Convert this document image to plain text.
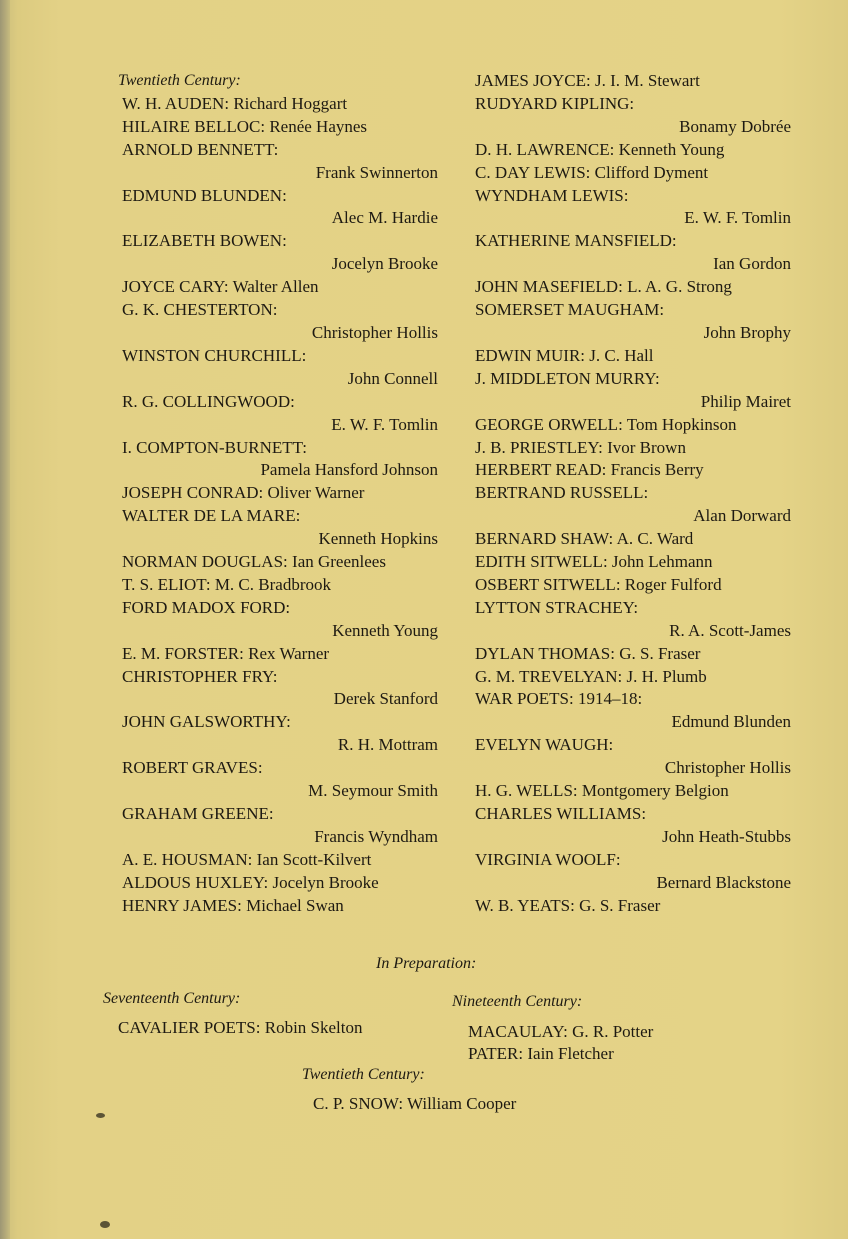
Twentieth Century:
W. H. AUDEN: Richard Hoggart
HILAIRE BELLOC: Renée Haynes
ARNOLD BENNETT:
Frank Swinnerton
EDMUND BLUNDEN:
Alec M. Hardie
ELIZABETH BOWEN:
Jocelyn Brooke
JOYCE CARY: Walter Allen
G. K. CHESTERTON:
Christopher Hollis
WINSTON CHURCHILL:
John Connell
R. G. COLLINGWOOD:
E. W. F. Tomlin
I. COMPTON-BURNETT:
Pamela Hansford Johnson
JOSEPH CONRAD: Oliver Warner
WALTER DE LA MARE:
Kenneth Hopkins
NORMAN DOUGLAS: Ian Greenlees
T. S. ELIOT: M. C. Bradbrook
FORD MADOX FORD:
Kenneth Young
E. M. FORSTER: Rex Warner
CHRISTOPHER FRY:
Derek Stanford
JOHN GALSWORTHY:
R. H. Mottram
ROBERT GRAVES:
M. Seymour Smith
GRAHAM GREENE:
Francis Wyndham
A. E. HOUSMAN: Ian Scott-Kilvert
ALDOUS HUXLEY: Jocelyn Brooke
HENRY JAMES: Michael Swan
JAMES JOYCE: J. I. M. Stewart
RUDYARD KIPLING:
Bonamy Dobrée
D. H. LAWRENCE: Kenneth Young
C. DAY LEWIS: Clifford Dyment
WYNDHAM LEWIS:
E. W. F. Tomlin
KATHERINE MANSFIELD:
Ian Gordon
JOHN MASEFIELD: L. A. G. Strong
SOMERSET MAUGHAM:
John Brophy
EDWIN MUIR: J. C. Hall
J. MIDDLETON MURRY:
Philip Mairet
GEORGE ORWELL: Tom Hopkinson
J. B. PRIESTLEY: Ivor Brown
HERBERT READ: Francis Berry
BERTRAND RUSSELL:
Alan Dorward
BERNARD SHAW: A. C. Ward
EDITH SITWELL: John Lehmann
OSBERT SITWELL: Roger Fulford
LYTTON STRACHEY:
R. A. Scott-James
DYLAN THOMAS: G. S. Fraser
G. M. TREVELYAN: J. H. Plumb
WAR POETS: 1914–18:
Edmund Blunden
EVELYN WAUGH:
Christopher Hollis
H. G. WELLS: Montgomery Belgion
CHARLES WILLIAMS:
John Heath-Stubbs
VIRGINIA WOOLF:
Bernard Blackstone
W. B. YEATS: G. S. Fraser
In Preparation:
Seventeenth Century:
CAVALIER POETS: Robin Skelton
Nineteenth Century:
MACAULAY: G. R. Potter
PATER: Iain Fletcher
Twentieth Century:
C. P. SNOW: William Cooper
